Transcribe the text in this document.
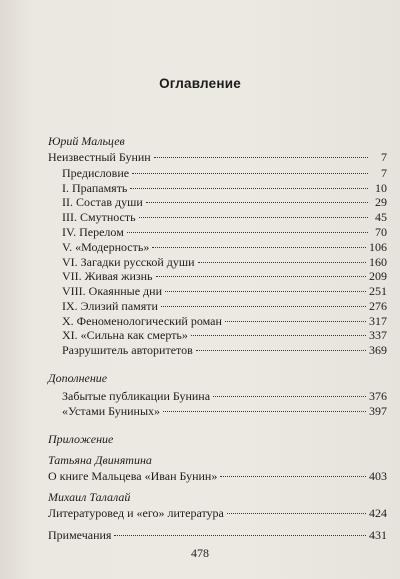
Оглавление
Юрий Мальцев
Неизвестный Бунин	7
Предисловие	7
I. Прапамять	10
II. Состав души	29
III. Смутность	45
IV. Перелом	70
V. «Модерность»	106
VI. Загадки русской души	160
VII. Живая жизнь	209
VIII. Окаянные дни	251
IX. Элизий памяти	276
X. Феноменологический роман	317
XI. «Сильна как смерть»	337
Разрушитель авторитетов	369
Дополнение
Забытые публикации Бунина	376
«Устами Буниных»	397
Приложение
Татьяна Двинятина
О книге Мальцева «Иван Бунин»	403
Михаил Талалай
Литературовед и «его» литература	424
Примечания	431
478
